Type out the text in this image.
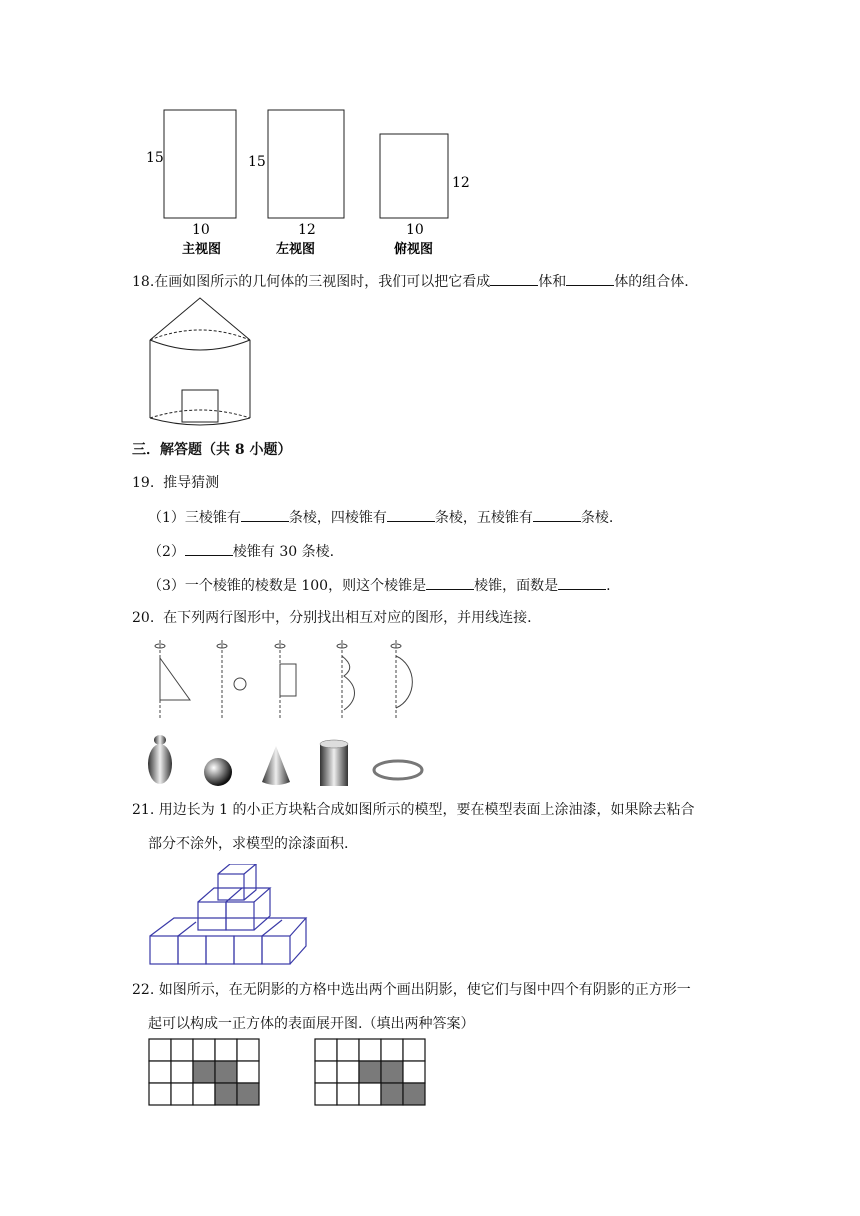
15
10
15
12
12
10
主视图	左视图	俯视图
18.在画如图所示的几何体的三视图时，我们可以把它看成	体和	体的组合体.
三．解答题（共 8 小题）
19. 推导猜测
（1）三棱锥有	条棱，四棱锥有	条棱，五棱锥有	条棱.
（2）	棱锥有 30 条棱.
（3）一个棱锥的棱数是 100，则这个棱锥是	棱锥，面数是	.
20. 在下列两行图形中，分别找出相互对应的图形，并用线连接.
21. 用边长为 1 的小正方块粘合成如图所示的模型，要在模型表面上涂油漆，如果除去粘合
部分不涂外，求模型的涂漆面积.
22. 如图所示，在无阴影的方格中选出两个画出阴影，使它们与图中四个有阴影的正方形一
起可以构成一正方体的表面展开图.（填出两种答案）
